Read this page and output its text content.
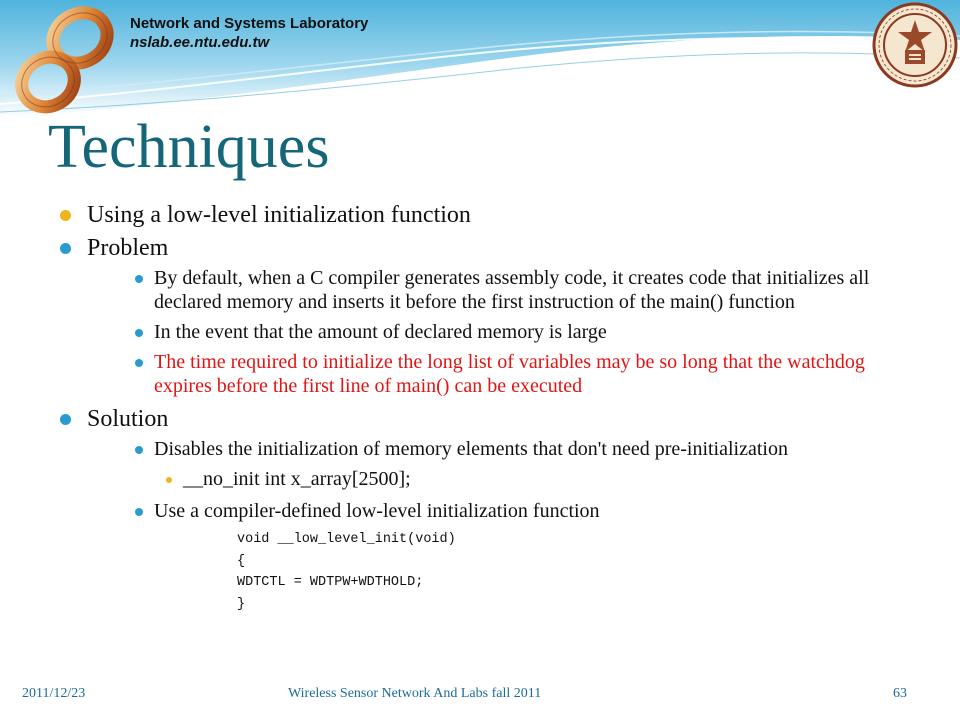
Network and Systems Laboratory
nslab.ee.ntu.edu.tw
Techniques
Using a low-level initialization function
Problem
By default, when a C compiler generates assembly code, it creates code that initializes all declared memory and inserts it before the first instruction of the main() function
In the event that the amount of declared memory is large
The time required to initialize the long list of variables may be so long that the watchdog expires before the first line of main() can be executed
Solution
Disables the initialization of memory elements that don't need pre-initialization
__no_init int x_array[2500];
Use a compiler-defined low-level initialization function
void __low_level_init(void)
{
WDTCTL = WDTPW+WDTHOLD;
}
2011/12/23	Wireless Sensor Network And Labs fall 2011	63
